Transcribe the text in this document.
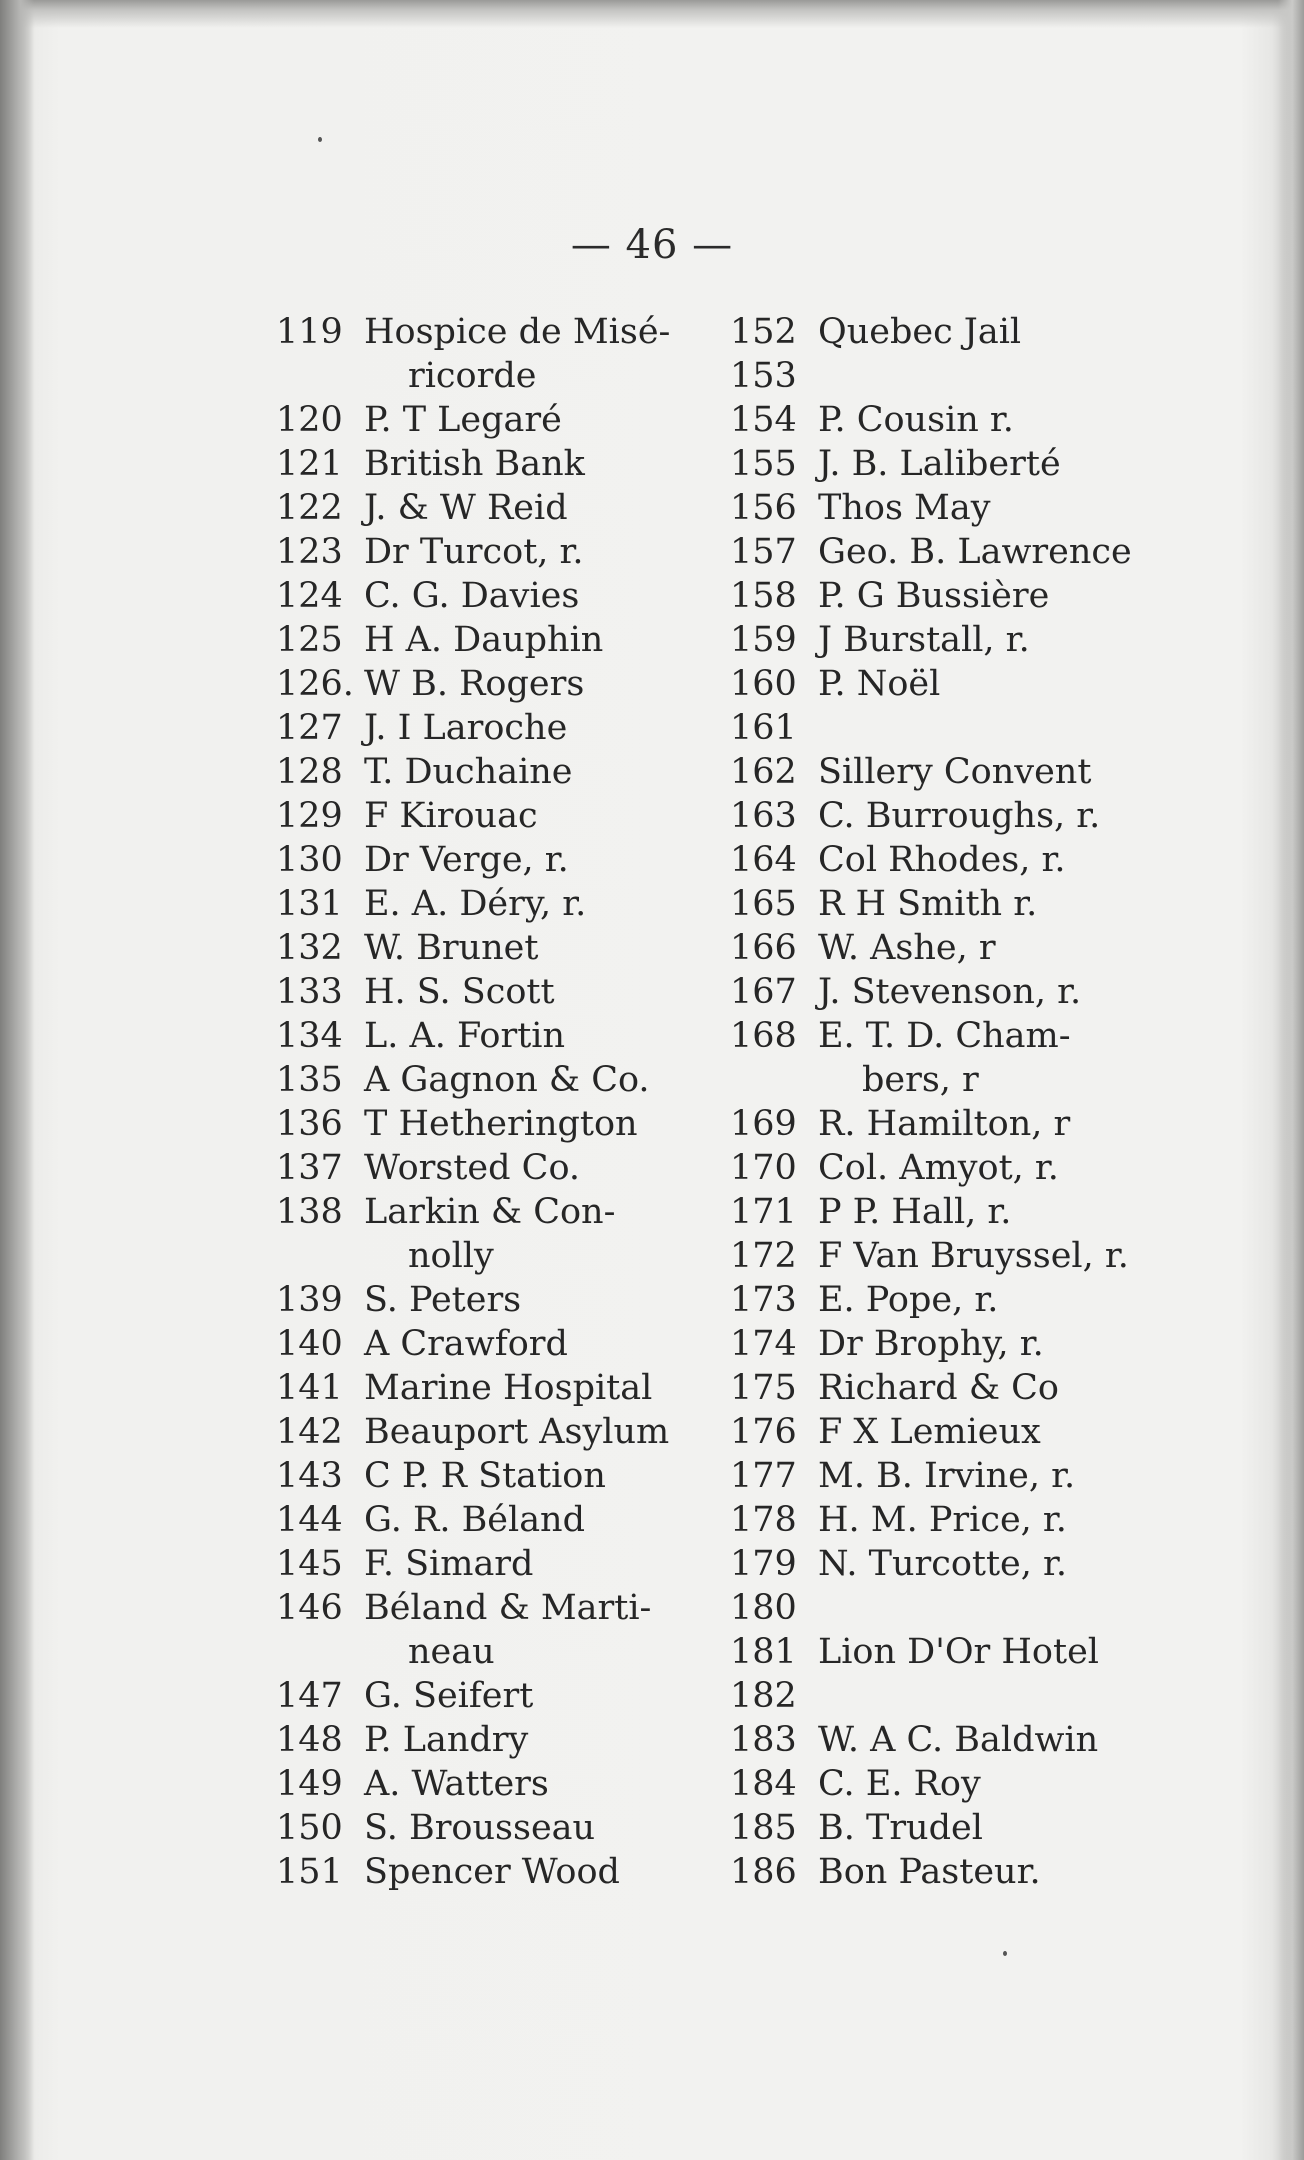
— 46 —
119 Hospice de Misé-
ricorde
120 P. T Legaré
121 British Bank
122 J. & W Reid
123 Dr Turcot, r.
124 C. G. Davies
125 H A. Dauphin
126. W B. Rogers
127 J. I Laroche
128 T. Duchaine
129 F Kirouac
130 Dr Verge, r.
131 E. A. Déry, r.
132 W. Brunet
133 H. S. Scott
134 L. A. Fortin
135 A Gagnon & Co.
136 T Hetherington
137 Worsted Co.
138 Larkin & Con-
nolly
139 S. Peters
140 A Crawford
141 Marine Hospital
142 Beauport Asylum
143 C P. R Station
144 G. R. Béland
145 F. Simard
146 Béland & Marti-
neau
147 G. Seifert
148 P. Landry
149 A. Watters
150 S. Brousseau
151 Spencer Wood
152 Quebec Jail
153
154 P. Cousin r.
155 J. B. Laliberté
156 Thos May
157 Geo. B. Lawrence
158 P. G Bussière
159 J Burstall, r.
160 P. Noël
161
162 Sillery Convent
163 C. Burroughs, r.
164 Col Rhodes, r.
165 R H Smith r.
166 W. Ashe, r
167 J. Stevenson, r.
168 E. T. D. Cham-
bers, r
169 R. Hamilton, r
170 Col. Amyot, r.
171 P P. Hall, r.
172 F Van Bruyssel, r.
173 E. Pope, r.
174 Dr Brophy, r.
175 Richard & Co
176 F X Lemieux
177 M. B. Irvine, r.
178 H. M. Price, r.
179 N. Turcotte, r.
180
181 Lion D'Or Hotel
182
183 W. A C. Baldwin
184 C. E. Roy
185 B. Trudel
186 Bon Pasteur.
